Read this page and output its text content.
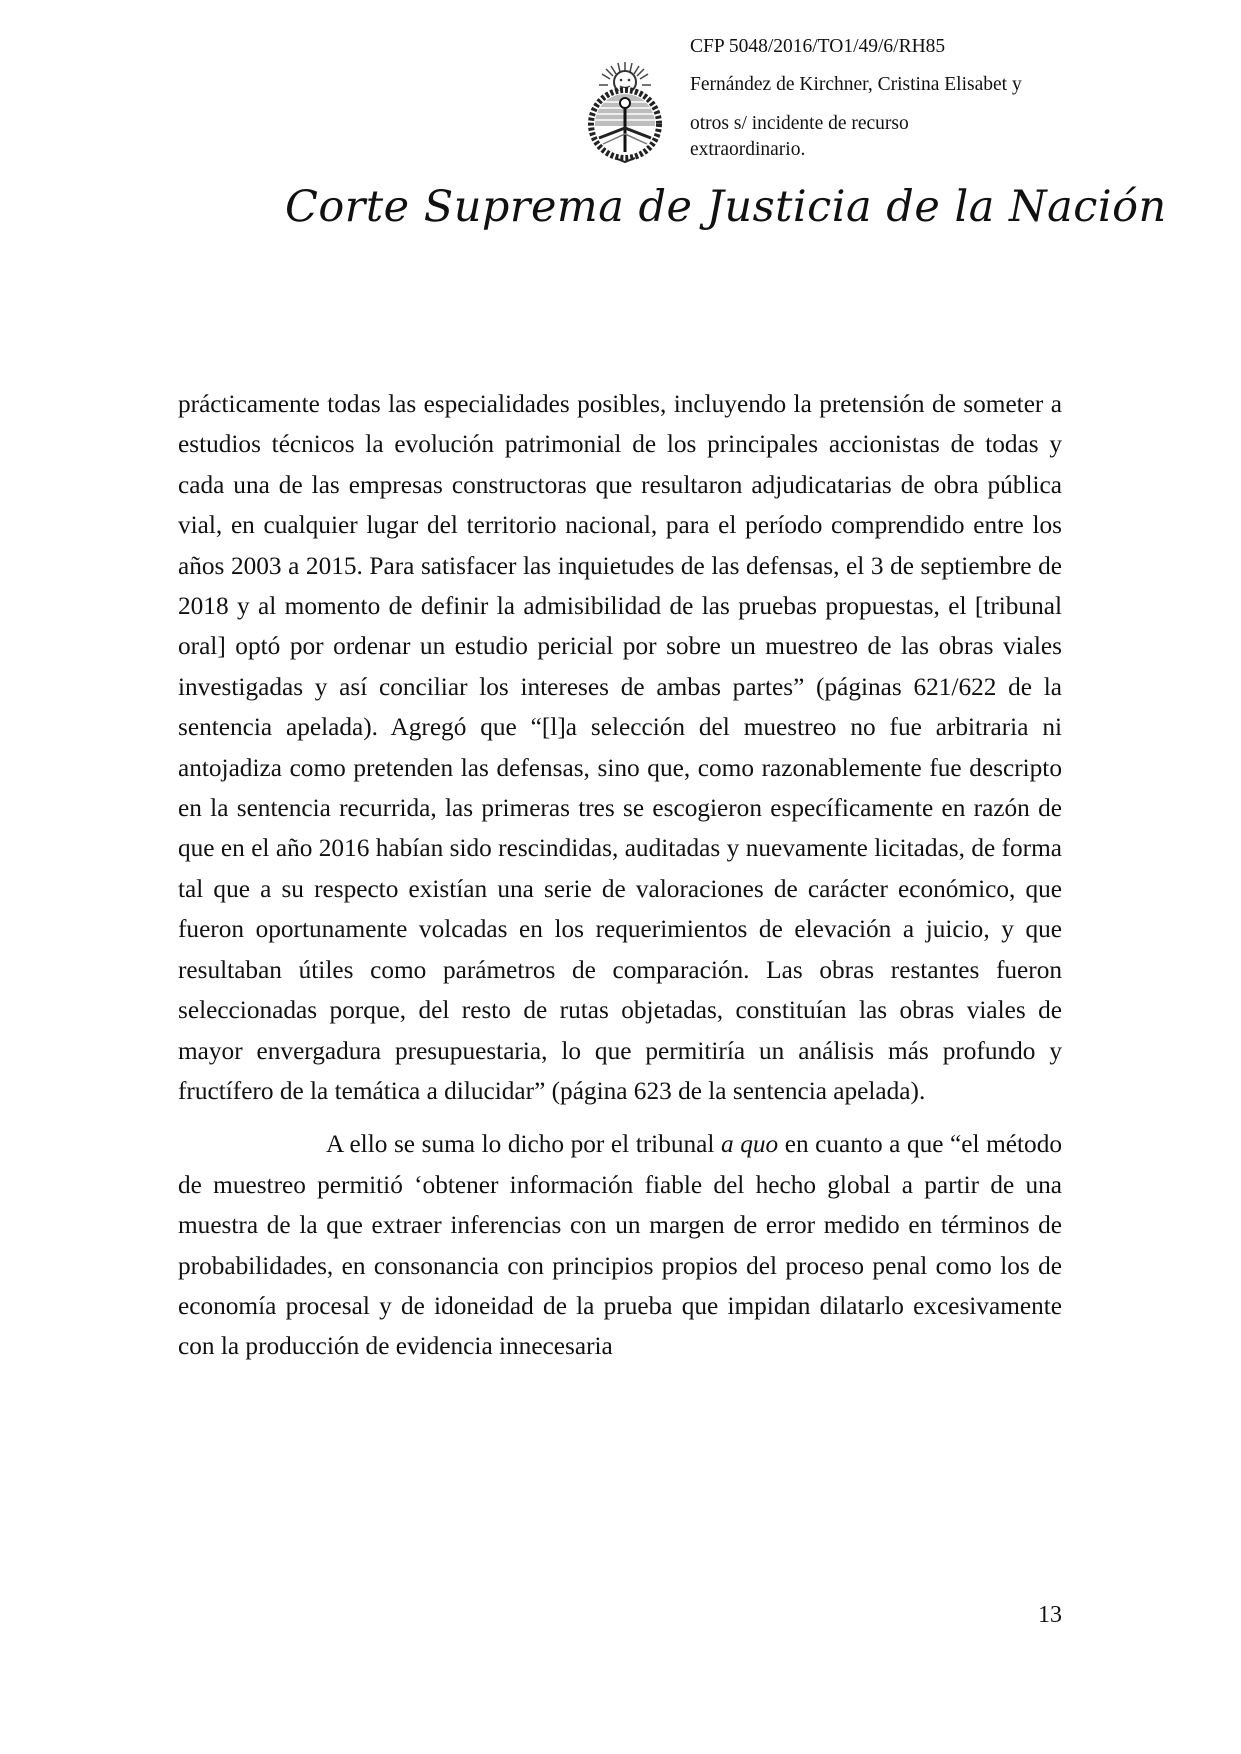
CFP 5048/2016/TO1/49/6/RH85

Fernández de Kirchner, Cristina Elisabet y
otros s/ incidente de recurso
extraordinario.

Corte Suprema de Justicia de la Nación

prácticamente todas las especialidades posibles, incluyendo la pretensión de someter a estudios técnicos la evolución patrimonial de los principales accionistas de todas y cada una de las empresas constructoras que resultaron adjudicatarias de obra pública vial, en cualquier lugar del territorio nacional, para el período comprendido entre los años 2003 a 2015. Para satisfacer las inquietudes de las defensas, el 3 de septiembre de 2018 y al momento de definir la admisibilidad de las pruebas propuestas, el [tribunal oral] optó por ordenar un estudio pericial por sobre un muestreo de las obras viales investigadas y así conciliar los intereses de ambas partes” (páginas 621/622 de la sentencia apelada). Agregó que “[l]a selección del muestreo no fue arbitraria ni antojadiza como pretenden las defensas, sino que, como razonablemente fue descripto en la sentencia recurrida, las primeras tres se escogieron específicamente en razón de que en el año 2016 habían sido rescindidas, auditadas y nuevamente licitadas, de forma tal que a su respecto existían una serie de valoraciones de carácter económico, que fueron oportunamente volcadas en los requerimientos de elevación a juicio, y que resultaban útiles como parámetros de comparación. Las obras restantes fueron seleccionadas porque, del resto de rutas objetadas, constituían las obras viales de mayor envergadura presupuestaria, lo que permitiría un análisis más profundo y fructífero de la temática a dilucidar” (página 623 de la sentencia apelada).

A ello se suma lo dicho por el tribunal a quo en cuanto a que “el método de muestreo permitió ‘obtener información fiable del hecho global a partir de una muestra de la que extraer inferencias con un margen de error medido en términos de probabilidades, en consonancia con principios propios del proceso penal como los de economía procesal y de idoneidad de la prueba que impidan dilatarlo excesivamente con la producción de evidencia innecesaria

13
